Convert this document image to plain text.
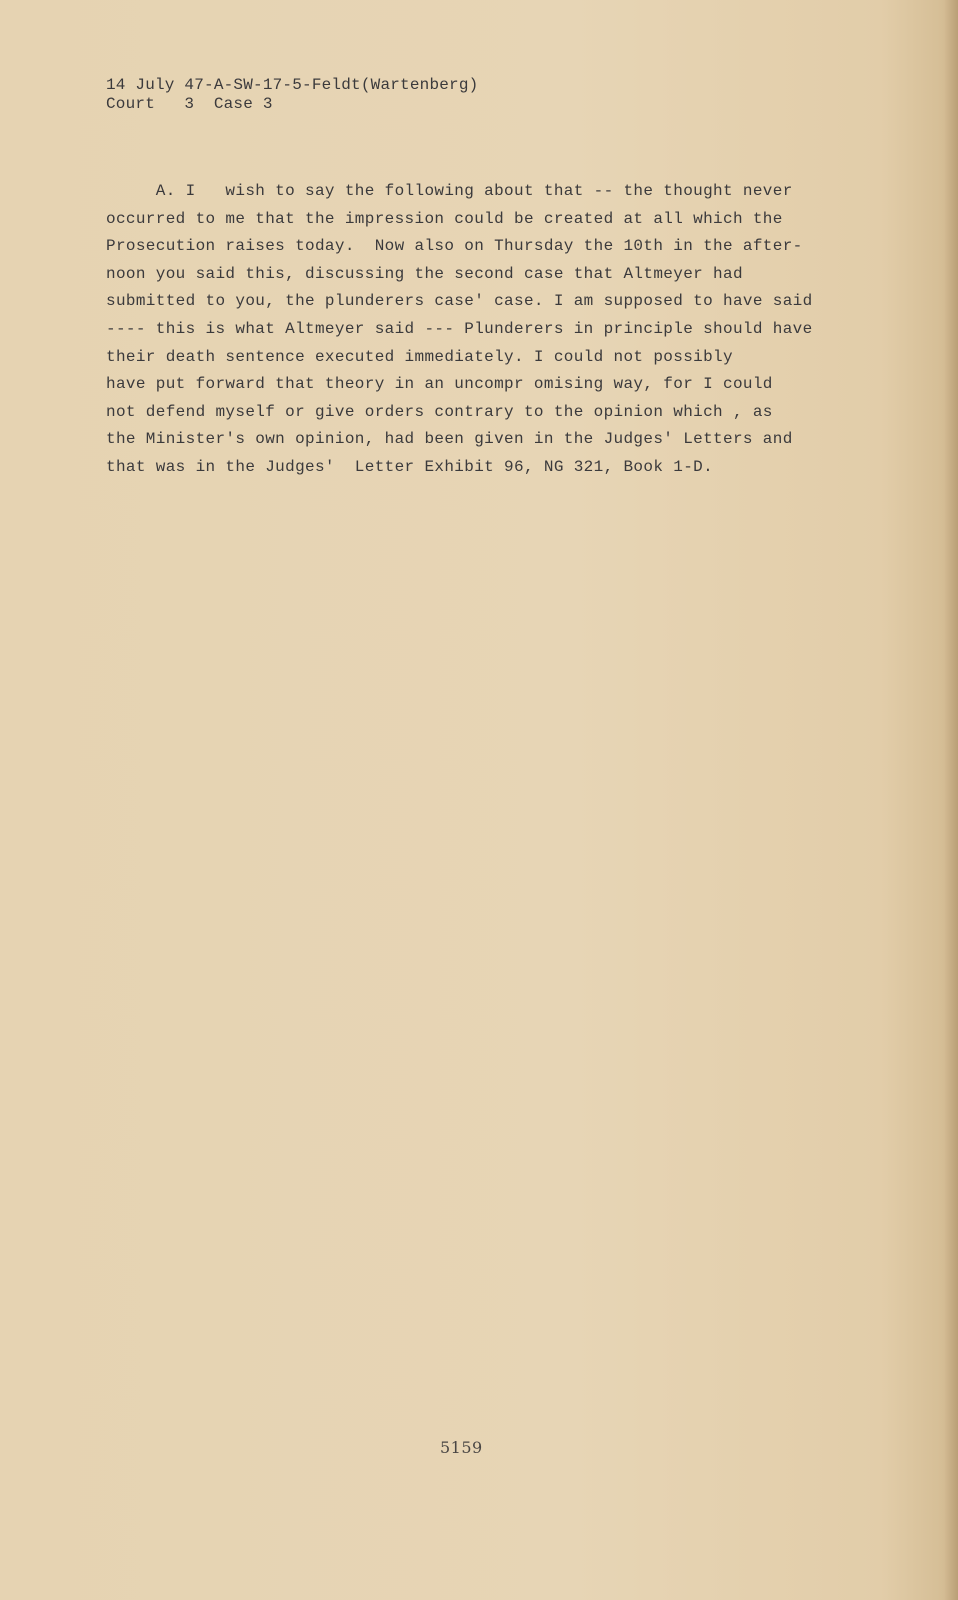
14 July 47-A-SW-17-5-Feldt(Wartenberg)
Court   3  Case 3
A. I   wish to say the following about that -- the thought never
occurred to me that the impression could be created at all which the
Prosecution raises today.  Now also on Thursday the 10th in the after-
noon you said this, discussing the second case that Altmeyer had
submitted to you, the plunderers case' case. I am supposed to have said
---- this is what Altmeyer said --- Plunderers in principle should have
their death sentence executed immediately. I could not possibly
have put forward that theory in an uncompr omising way, for I could
not defend myself or give orders contrary to the opinion which , as
the Minister's own opinion, had been given in the Judges' Letters and
that was in the Judges'  Letter Exhibit 96, NG 321, Book 1-D.
5159
